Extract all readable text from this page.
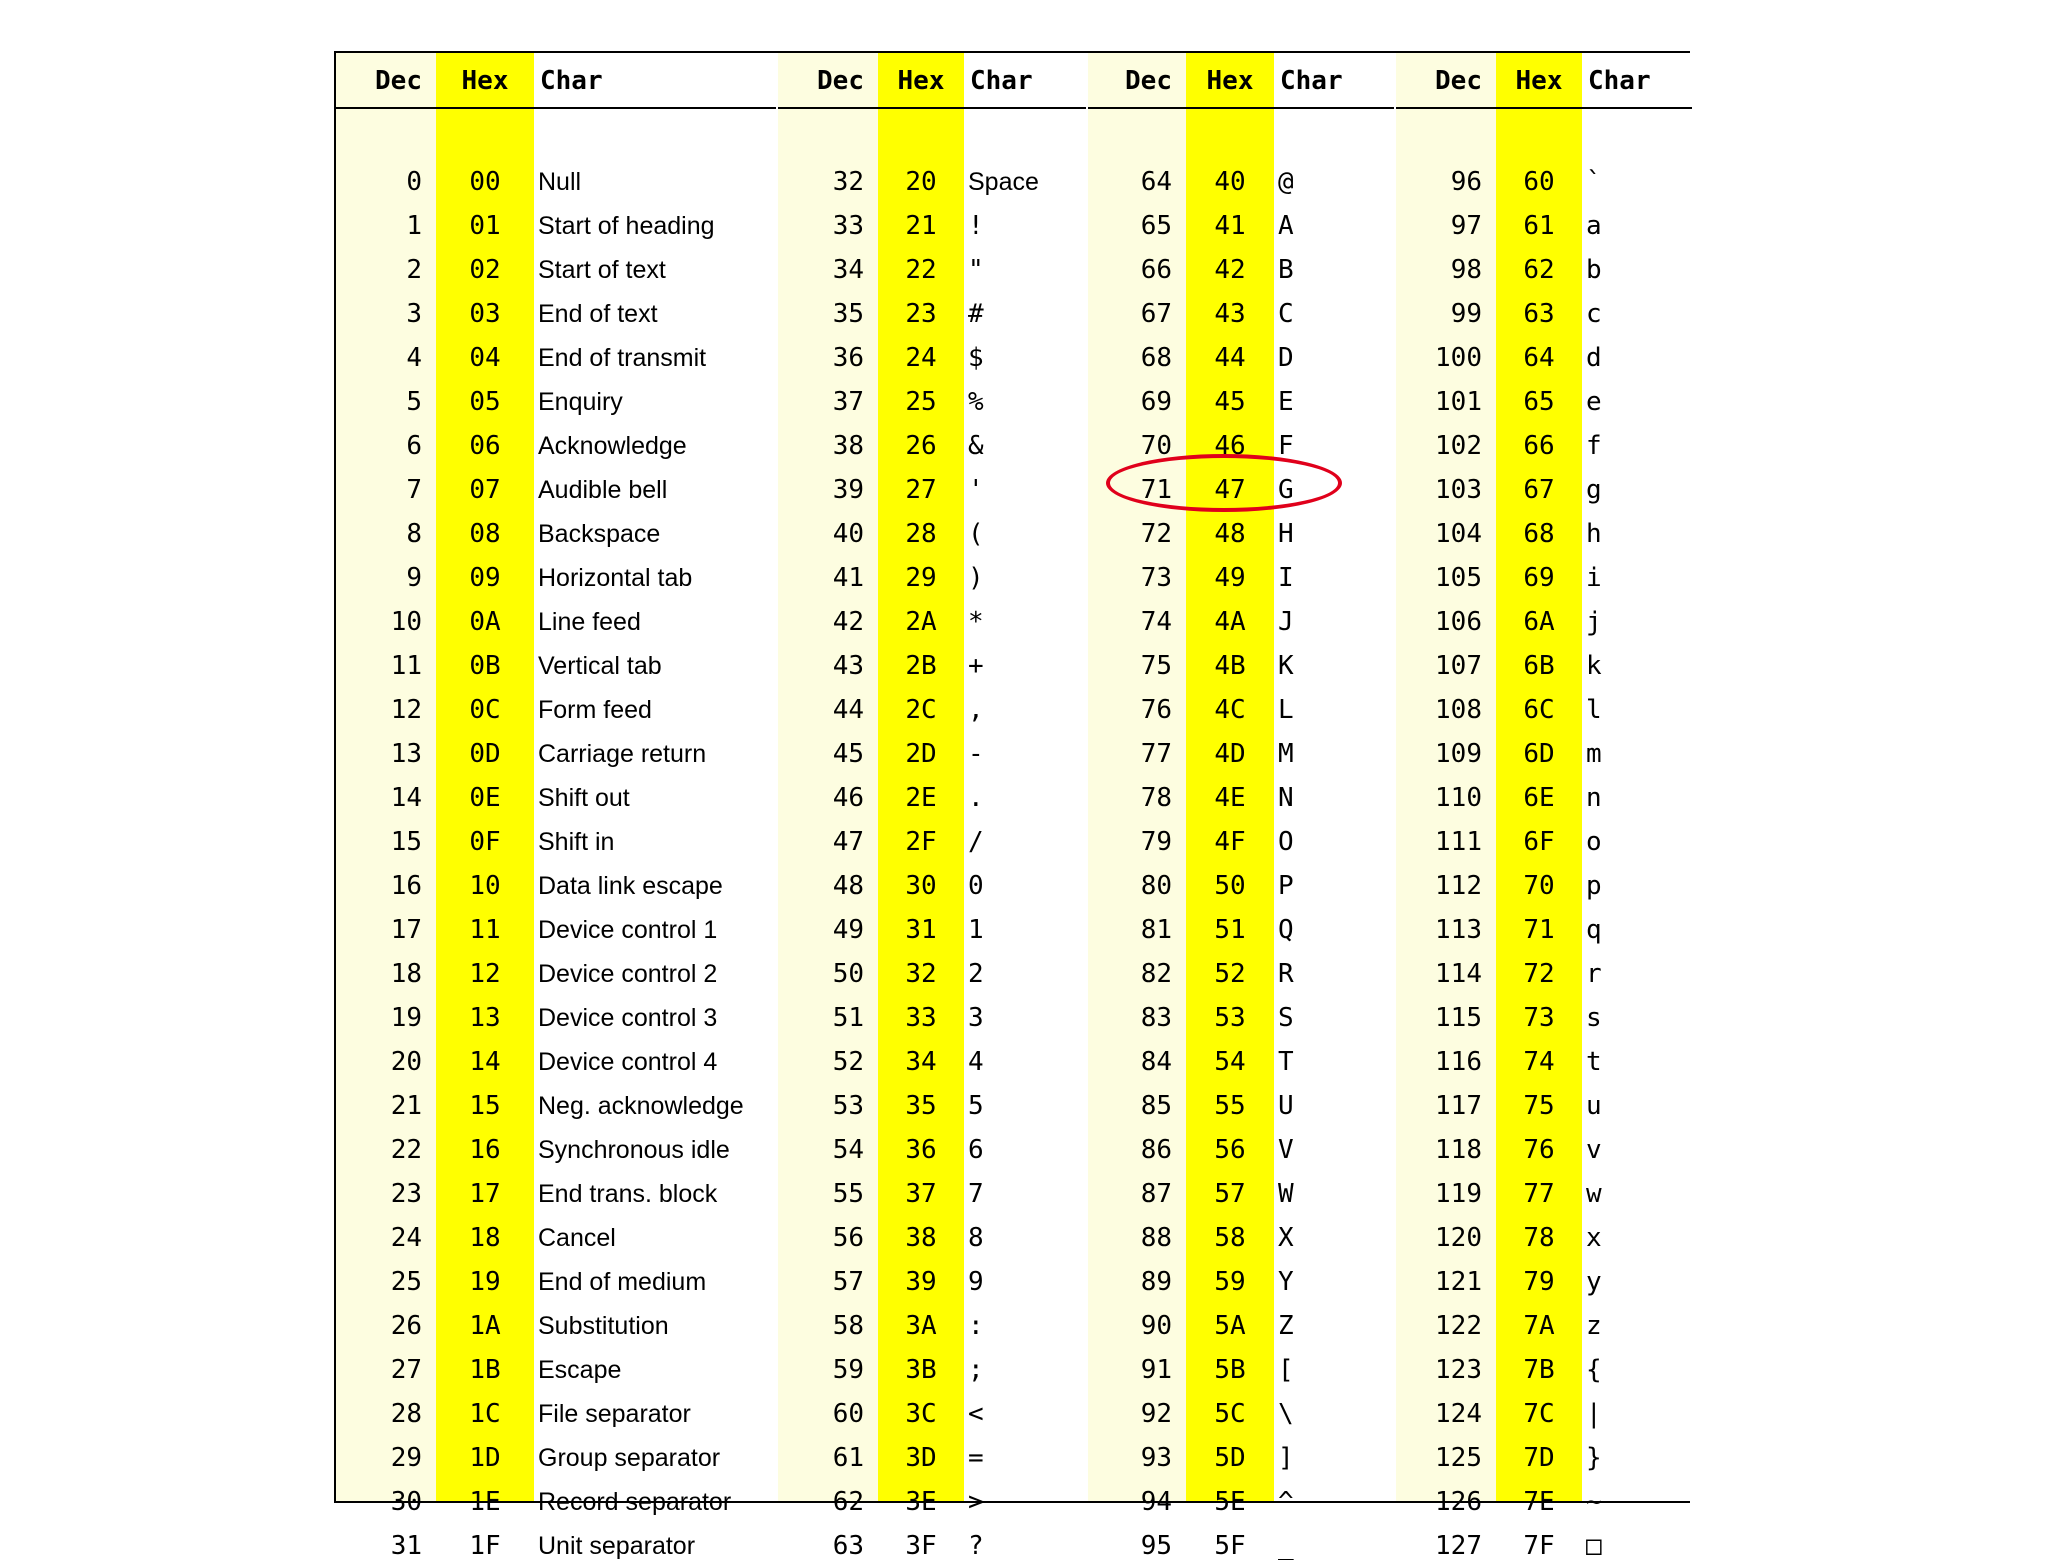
Dec	Hex	Char
0	00	Null
1	01	Start of heading
2	02	Start of text
3	03	End of text
4	04	End of transmit
5	05	Enquiry
6	06	Acknowledge
7	07	Audible bell
8	08	Backspace
9	09	Horizontal tab
10	0A	Line feed
11	0B	Vertical tab
12	0C	Form feed
13	0D	Carriage return
14	0E	Shift out
15	0F	Shift in
16	10	Data link escape
17	11	Device control 1
18	12	Device control 2
19	13	Device control 3
20	14	Device control 4
21	15	Neg. acknowledge
22	16	Synchronous idle
23	17	End trans. block
24	18	Cancel
25	19	End of medium
26	1A	Substitution
27	1B	Escape
28	1C	File separator
29	1D	Group separator
30	1E	Record separator
31	1F	Unit separator
Dec	Hex Char
32	20	Space
33	21	!
34	22	"
35	23	#
36	24	$
37	25	%
38	26	&
39	27	'
40	28	(
41	29	)
42	2A	*
43	2B	+
44	2C	,
45	2D	-
46	2E	.
47	2F	/
48	30	0
49	31	1
50	32	2
51	33	3
52	34	4
53	35	5
54	36	6
55	37	7
56	38	8
57	39	9
58	3A	:
59	3B	;
60	3C	<
61	3D	=
62	3E	>
63	3F	?
Dec	Hex	Char
64	40	@
65	41	A
66	42	B
67	43	C
68	44	D
69	45	E
70	46	F
71	47	G
72	48	H
73	49	I
74	4A	J
75	4B	K
76	4C	L
77	4D	M
78	4E	N
79	4F	O
80	50	P
81	51	Q
82	52	R
83	53	S
84	54	T
85	55	U
86	56	V
87	57	W
88	58	X
89	59	Y
90	5A	Z
91	5B	[
92	5C	\
93	5D	]
94	5E	^
95	5F	_
Dec	Hex Char
96	60	`
97	61	a
98	62	b
99	63	c
100	64	d
101	65	e
102	66	f
103	67	g
104	68	h
105	69	i
106	6A	j
107	6B	k
108	6C	l
109	6D	m
110	6E	n
111	6F	o
112	70	p
113	71	q
114	72	r
115	73	s
116	74	t
117	75	u
118	76	v
119	77	w
120	78	x
121	79	y
122	7A	z
123	7B	{
124	7C	|
125	7D	}
126	7E	~
127	7F	□
